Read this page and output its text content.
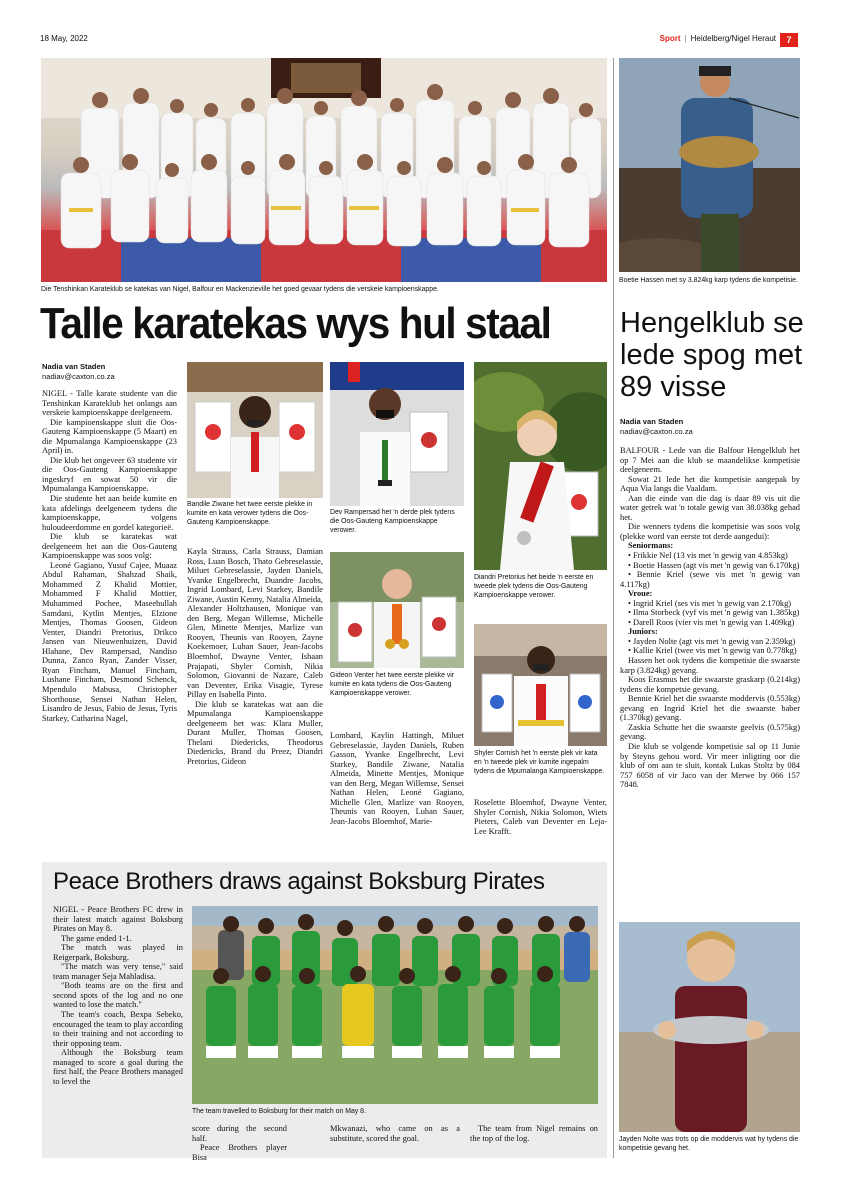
18 May, 2022	Sport | Heidelberg/Nigel Heraut	7
Die Tenshinkan Karateklub se katekas van Nigel, Balfour en Mackenzieville het goed gevaar tydens die verskeie kampioenskappe.
Talle karatekas wys hul staal
Nadia van Staden
nadiav@caxton.co.za

NIGEL - Talle karate studente van die Tenshinkan Karateklub het onlangs aan verskeie kampioenskappe deelgeneem.

Die kampioenskappe sluit die Oos-Gauteng Kampioenskappe (5 Maart) en die Mpumalanga Kampioenskappe (23 April) in.

Die klub het ongeveer 63 studente vir die Oos-Gauteng Kampioenskappe ingeskryf en sowat 50 vir die Mpumalanga Kampioenskappe.

Die studente het aan beide kumite en kata afdelings deelgeneem tydens die kampioenskappe, volgens huloudeerdomme en gordel kategorieë.

Die klub se karatekas wat deelgeneem het aan die Oos-Gauteng Kampioenskappe was soos volg:

Leoné Gagiano, Yusuf Cajee, Muaaz Abdul Rahaman, Shahzad Shaik, Mohammed Z Khalid Mottier, Mohammed F Khalid Mottier, Muhammed Pochee, Maseehullah Samdani, Kytlin Mentjes, Elzione Mentjes, Thomas Goosen, Gideon Venter, Diandri Pretorius, Drikco Jansen van Nieuwenhuizen, David Hlahane, Dev Rampersad, Nandiso Dunna, Zanco Ryan, Zander Visser, Ryan Fincham, Manuel Fincham, Lushane Fincham, Desmond Schenck, Mpendulo Mabusa, Christopher Shorthouse, Sensei Nathan Helen, Lisandro de Jesus, Fabio de Jesus, Tyris Starkey, Catharina Nagel,

Bandile Ziwane het twee eerste plekke in kumite en kata verower tydens die Oos-Gauteng Kampioenskappe.
Dev Rampersad het 'n derde plek tydens die Oos-Gauteng Kampioenskappe verower.
Gideon Venter het twee eerste plekke vir kumite en kata tydens die Oos-Gauteng Kampioenskappe verower.

Kayla Strauss, Carla Strauss, Damian Ross, Luan Bosch, Thato Gebreselassie, Miluet Gebreselassie, Jayden Daniels, Yvanke Engelbrecht, Duandre Jacobs, Ingrid Lombard, Levi Starkey, Bandile Ziwane, Austin Kenny, Natalia Almeida, Alexander Holtzhausen, Monique van den Berg, Megan Willemse, Michelle Glen, Minette Mentjes, Marlize van Rooyen, Theunis van Rooyen, Zayne Koekemoer, Luhan Sauer, Jean-Jacobs Bloemhof, Dwayne Venter, Ishaan Prajapati, Shyler Cornish, Nikia Solomon, Giovanni de Nazare, Caleb van Deventer, Erika Visagie, Tyrese Pillay en Isabella Pinto.

Die klub se karatekas wat aan die Mpumalanga Kampioenskappe deelgeneem het was: Klara Muller, Durant Muller, Thomas Goosen, Thelani Diedericks, Theodorus Diedericks, Brand du Preez, Diandri Pretorius, Gideon

Lombard, Kaylin Hattingh, Miluet Gebreselassie, Jayden Daniels, Ruben Gasson, Yvanke Engelbrecht, Levi Starkey, Bandile Ziwane, Natalia Almeida, Minette Mentjes, Monique van den Berg, Megan Willemse, Sensei Nathan Helen, Leoné Gagiano, Michelle Glen, Marlize van Rooyen, Theunis van Rooyen, Luhan Sauer, Jean-Jacobs Bloemhof, Marie-

Diandri Pretorius het beide 'n eerste en tweede plek tydens die Oos-Gauteng Kampioenskappe verower.
Shyler Cornish het 'n eerste plek vir kata en 'n tweede plek vir kumite ingepalm tydens die Mpumalanga Kampioenskappe.

Roselette Bloemhof, Dwayne Venter, Shyler Cornish, Nikia Solomon, Wiets Pieters, Caleb van Deventer en Leja-Lee Krafft.

Boetie Hassen met sy 3.824kg karp tydens die kompetisie.
Hengelklub se lede spog met 89 visse
Nadia van Staden
nadiav@caxton.co.za

BALFOUR - Lede van die Balfour Hengelklub het op 7 Mei aan die klub se maandelikse kompetisie deelgeneem.

Sowat 21 lede het die kompetisie aangepak by Aqua Via langs die Vaaldam.

Aan die einde van die dag is daar 89 vis uit die water getrek wat 'n totale gewig van 38.038kg gehad het.

Die wenners tydens die kompetisie was soos volg (plekke word van eerste tot derde aangedui):

Seniormans:

• Frikkie Nel (13 vis met 'n gewig van 4.853kg)

• Boetie Hassen (agt vis met 'n gewig van 6.170kg)

• Bennie Kriel (sewe vis met 'n gewig van 4.117kg)

Vroue:

• Ingrid Kriel (ses vis met 'n gewig van 2.170kg)

• Ilma Storbeck (vyf vis met 'n gewig van 1.385kg)

• Darell Roos (vier vis met 'n gewig van 1.409kg)

Juniors:

• Jayden Nolte (agt vis met 'n gewig van 2.359kg)

• Kallie Kriel (twee vis met 'n gewig van 0.778kg)

Hassen het ook tydens die kompetisie die swaarste karp (3.824kg) gevang.

Koos Erasmus het die swaarste graskarp (0.214kg) tydens die kompetsie gevang.

Bennie Kriel het die swaarste moddervis (0.553kg) gevang en Ingrid Kriel het die swaarste baber (1.370kg) gevang.

Zaskia Schutte het die swaarste geelvis (0.575kg) gevang.

Die klub se volgende kompetisie sal op 11 Junie by Steyns gehou word. Vir meer inligting oor die klub of om aan te sluit, kontak Lukas Stoltz by 084 757 6058 of vir Jaco van der Merwe by 066 157 7848.

Jayden Nolte was trots op die moddervis wat hy tydens die kompetisie gevang het.
Peace Brothers draws against Boksburg Pirates

NIGEL - Peace Brothers FC drew in their latest match against Boksburg Pirates on May 8.

The game ended 1-1.

The match was played in Reigerpark, Boksburg.

"The match was very tense," said team manager Seja Mahladisa.

"Both teams are on the first and second spots of the log and no one wanted to lose the match."

The team's coach, Bexpa Sebeko, encouraged the team to play according to their training and not according to their opposing team.

Although the Boksburg team managed to score a goal during the first half, the Peace Brothers managed to level the

The team travelled to Boksburg for their match on May 8.

score during the second half.

Peace Brothers player Bisa

Mkwanazi, who came on as a substitute, scored the goal.

The team from Nigel remains on the top of the log.
